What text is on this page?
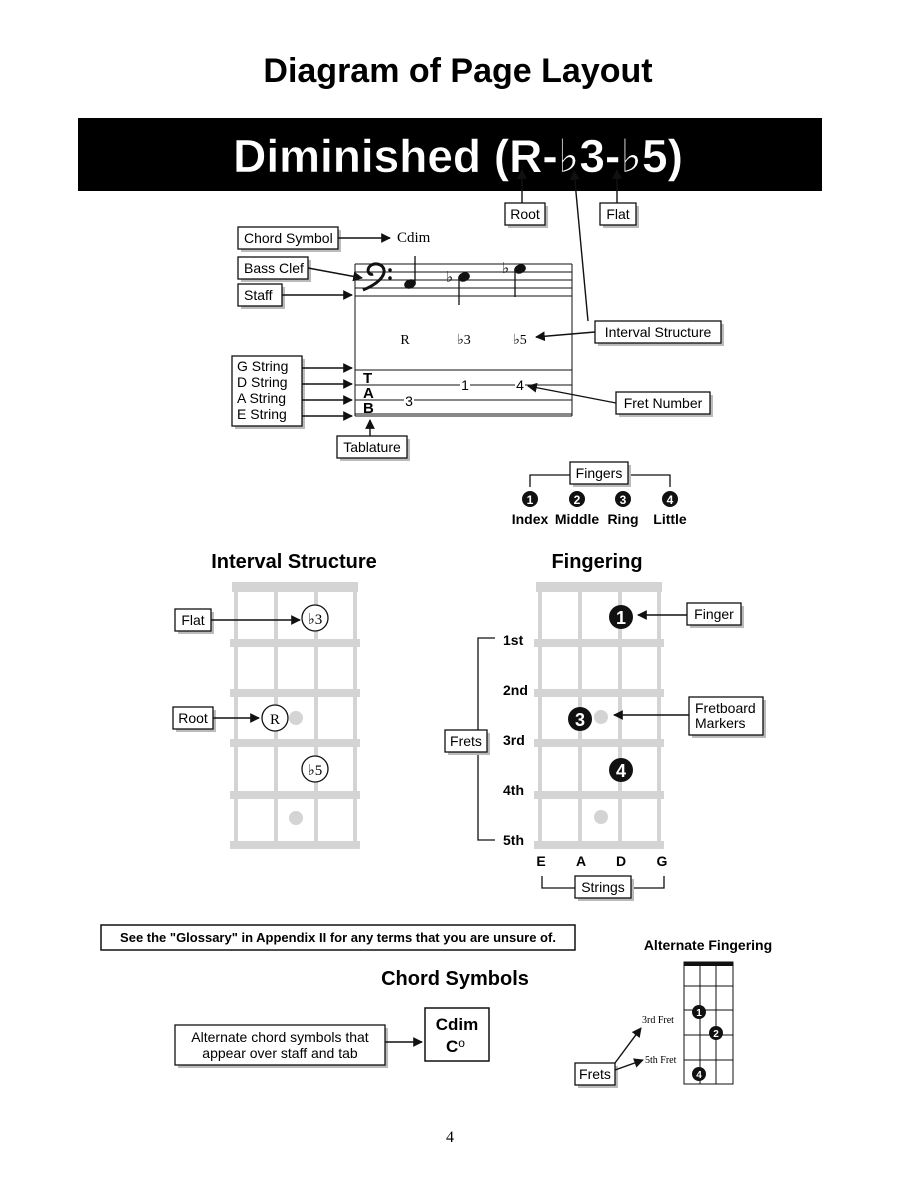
Diagram of Page Layout
Diminished (R-♭3-♭5)
Root	Flat
♭
♭
R	♭3	♭5
T
A
B
1	4
3
Cdim
Chord Symbol
Bass Clef
Staff
G String
D String
A String
E String
Tablature
Interval Structure
Fret Number
Fingers
1	2	3	4
Index Middle Ring Little
Interval Structure
♭3
R
♭5
Flat
Root
Fingering
1
3
4
1st
2nd
3rd
4th
5th
Frets
Finger
Fretboard
Markers
E A D G
Strings
See the "Glossary" in Appendix II for any terms that you are unsure of.
Chord Symbols
Alternate chord symbols that
appear over staff and tab
Cdim
$C^o$
Alternate Fingering
1
2
4
3rd Fret
5th Fret
Frets
4
